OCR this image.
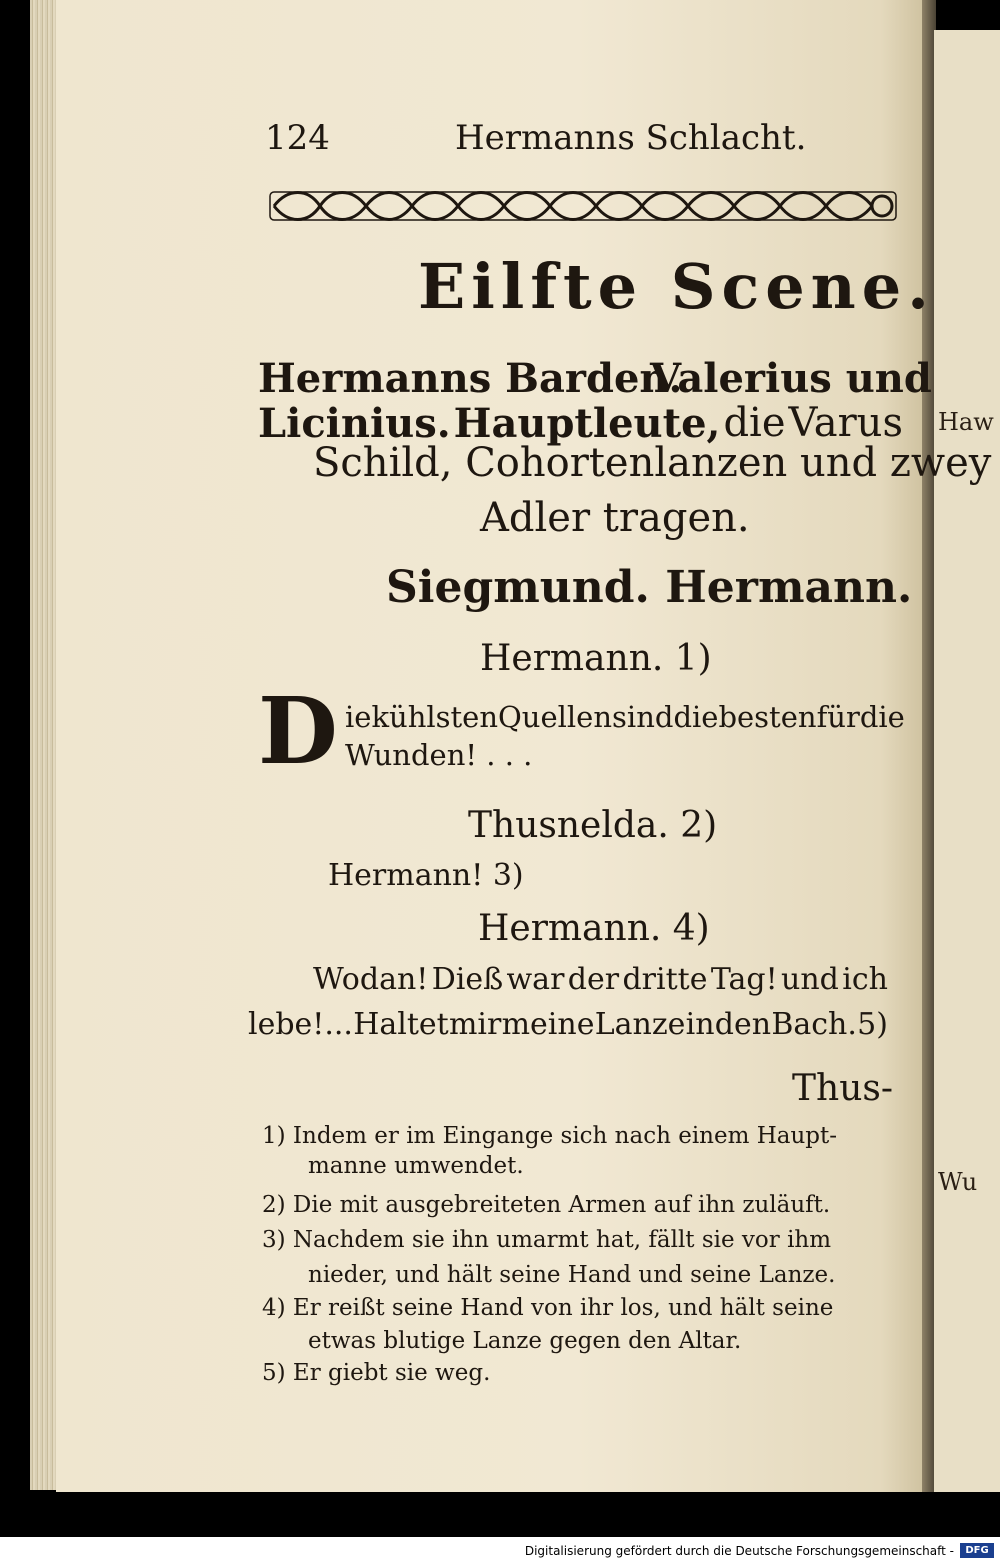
Haw
Wu
124	Hermanns Schlacht.
Eilfte Scene.
Hermanns Barden.
Valerius und
Licinius. Hauptleute, die Varus
Schild, Cohortenlanzen und zwey
Adler tragen.
Siegmund. Hermann.
Hermann. 1)
D ie kühlsten Quellen sind die besten für die
Wunden! . . .
Thusnelda. 2)
Hermann! 3)
Hermann. 4)
Wodan! Dieß war der dritte Tag! und ich
lebe!... Haltet mir meine Lanze in den Bach. 5)
Thus-
1) Indem er im Eingange sich nach einem Haupt-
manne umwendet.
2) Die mit ausgebreiteten Armen auf ihn zuläuft.
3) Nachdem sie ihn umarmt hat, fällt sie vor ihm
nieder, und hält seine Hand und seine Lanze.
4) Er reißt seine Hand von ihr los, und hält seine
etwas blutige Lanze gegen den Altar.
5) Er giebt sie weg.
Digitalisierung gefördert durch die Deutsche Forschungsgemeinschaft -	DFG
